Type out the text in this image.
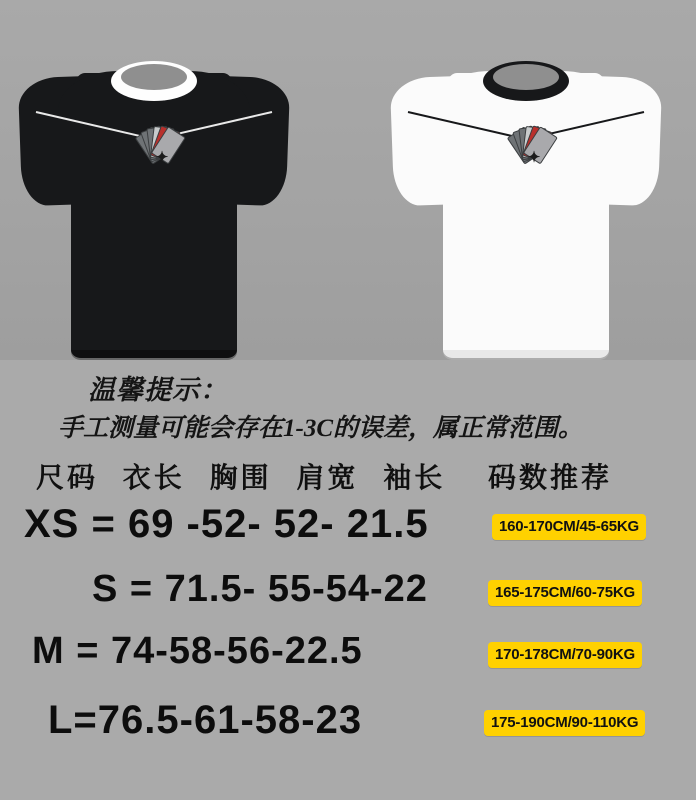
✦	✦
温馨提示：
手工测量可能会存在1-3C的误差，属正常范围。
尺码 衣长 胸围 肩宽 袖长 码数推荐
XS = 69 -52- 52- 21.5	160-170CM/45-65KG
S = 71.5- 55-54-22	165-175CM/60-75KG
M = 74-58-56-22.5	170-178CM/70-90KG
L=76.5-61-58-23	175-190CM/90-110KG
